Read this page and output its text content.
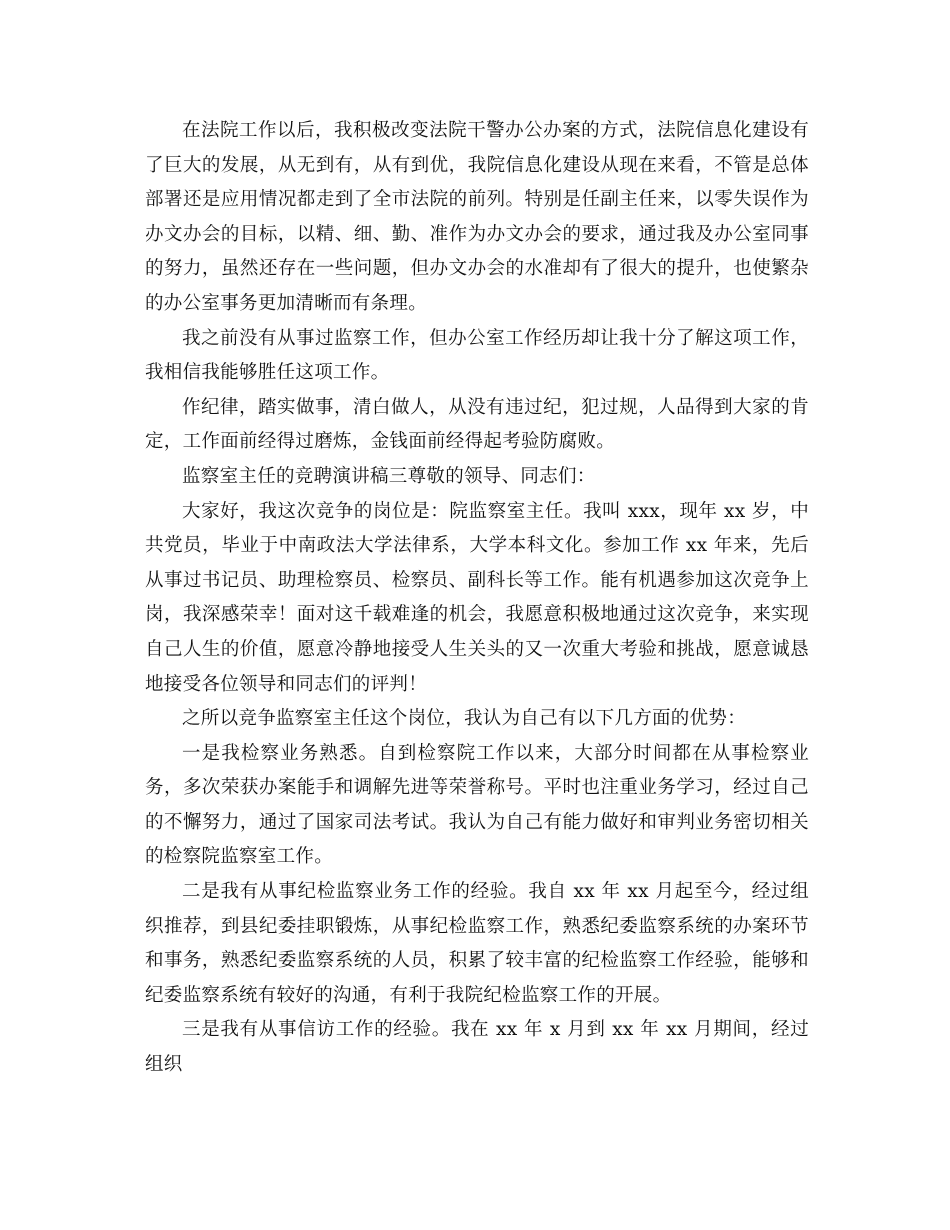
在法院工作以后，我积极改变法院干警办公办案的方式，法院信息化建设有了巨大的发展，从无到有，从有到优，我院信息化建设从现在来看，不管是总体部署还是应用情况都走到了全市法院的前列。特别是任副主任来，以零失误作为办文办会的目标，以精、细、勤、准作为办文办会的要求，通过我及办公室同事的努力，虽然还存在一些问题，但办文办会的水准却有了很大的提升，也使繁杂的办公室事务更加清晰而有条理。

我之前没有从事过监察工作，但办公室工作经历却让我十分了解这项工作，我相信我能够胜任这项工作。

作纪律，踏实做事，清白做人，从没有违过纪，犯过规，人品得到大家的肯定，工作面前经得过磨炼，金钱面前经得起考验防腐败。

监察室主任的竞聘演讲稿三尊敬的领导、同志们：

大家好，我这次竞争的岗位是：院监察室主任。我叫 xxx，现年 xx 岁，中共党员，毕业于中南政法大学法律系，大学本科文化。参加工作 xx 年来，先后从事过书记员、助理检察员、检察员、副科长等工作。能有机遇参加这次竞争上岗，我深感荣幸！面对这千载难逢的机会，我愿意积极地通过这次竞争，来实现自己人生的价值，愿意冷静地接受人生关头的又一次重大考验和挑战，愿意诚恳地接受各位领导和同志们的评判！

之所以竞争监察室主任这个岗位，我认为自己有以下几方面的优势：

一是我检察业务熟悉。自到检察院工作以来，大部分时间都在从事检察业务，多次荣获办案能手和调解先进等荣誉称号。平时也注重业务学习，经过自己的不懈努力，通过了国家司法考试。我认为自己有能力做好和审判业务密切相关的检察院监察室工作。

二是我有从事纪检监察业务工作的经验。我自 xx 年 xx 月起至今，经过组织推荐，到县纪委挂职锻炼，从事纪检监察工作，熟悉纪委监察系统的办案环节和事务，熟悉纪委监察系统的人员，积累了较丰富的纪检监察工作经验，能够和纪委监察系统有较好的沟通，有利于我院纪检监察工作的开展。

三是我有从事信访工作的经验。我在 xx 年 x 月到 xx 年 xx 月期间，经过组织
